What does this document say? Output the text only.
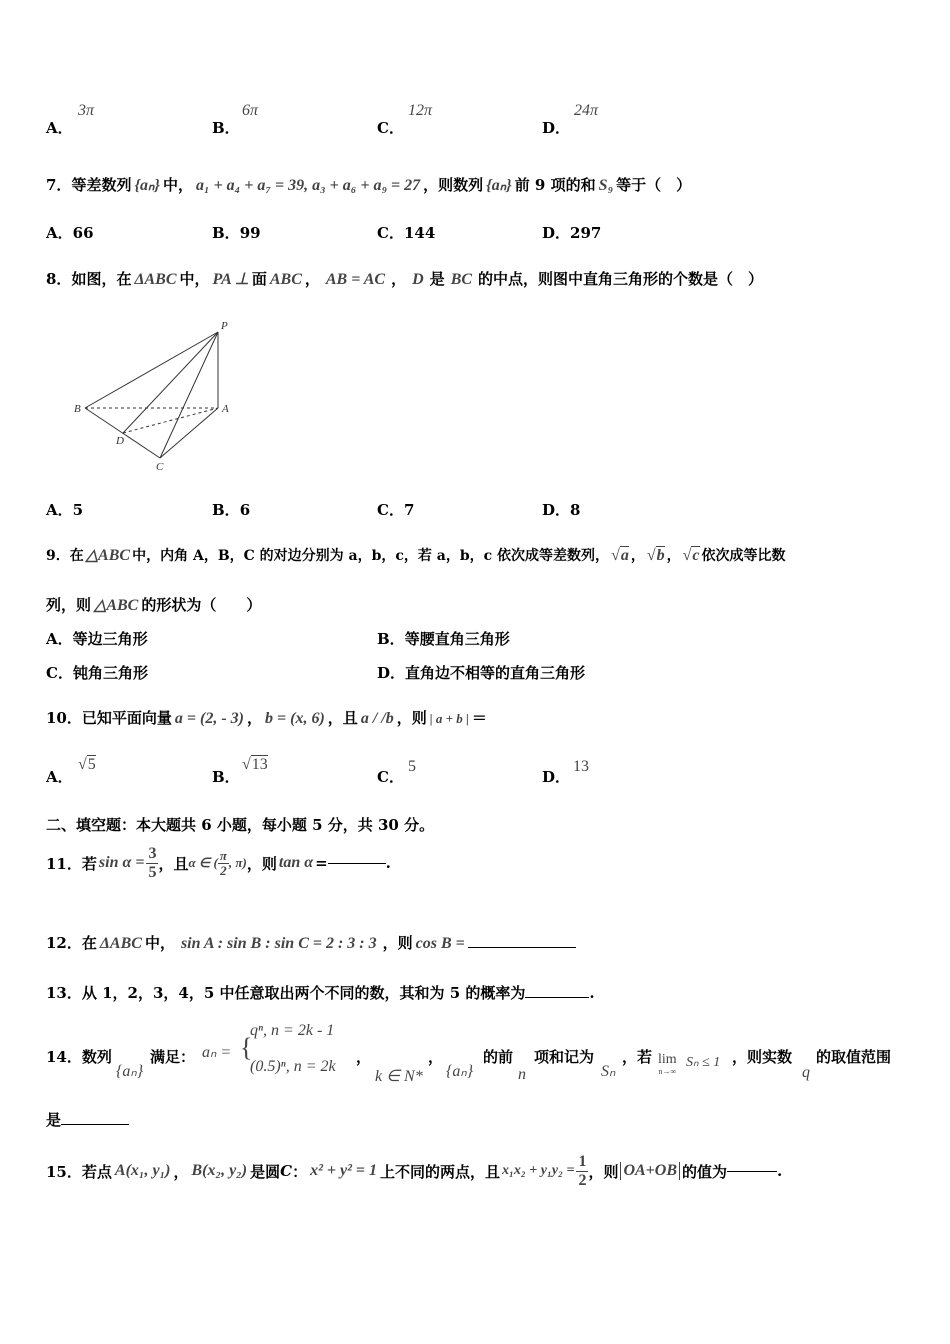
A．
3π
B．
6π
C．
12π
D．
24π
7．等差数列 {aₙ} 中， a₁ + a₄ + a₇ = 39, a₃ + a₆ + a₉ = 27 ，则数列 {aₙ} 前 9 项的和 S₉ 等于（　）
A．66	B．99	C．144	D．297
8．如图，在 ΔABC 中， PA ⊥ 面 ABC ， AB = AC ， D 是 BC 的中点，则图中直角三角形的个数是（　）
P
B	A
D
C
A．5	B．6	C．7	D．8
9．在 △ABC 中，内角 A，B，C 的对边分别为 a，b，c，若 a，b，c 依次成等差数列， √a ， √b ， √c 依次成等比数
列，则 △ABC 的形状为（　　）
A．等边三角形	B．等腰直角三角形
C．钝角三角形	D．直角边不相等的直角三角形
10．已知平面向量 a = (2, - 3) ， b = (x, 6) ，且 a / /b ，则 | a + b | ＝
A．
√5
B．
√13
C．
5
D．
13
二、填空题：本大题共 6 小题，每小题 5 分，共 30 分。
11． 若 $\sin \alpha = \frac{3}{5}$ ，且 α ∈ ( $\frac{\pi}{2}$ , π) ，则 tan α =	.
12．在 ΔABC 中， sin A : sin B : sin C = 2 : 3 : 3 ，则 cos B =
13．从 1，2，3，4，5 中任意取出两个不同的数，其和为 5 的概率为	.
14．数列
{aₙ}
满足： aₙ = {
qⁿ, n = 2k - 1
(0.5)ⁿ, n = 2k
，
k ∈ N*
，
{aₙ}
的前
n
项和记为
Sₙ
，若 lim
n→∞
Sₙ ≤ 1 ，则实数
q
的取值范围
是
15． 若点 A(x₁, y₁) ， B(x₂, y₂) 是圆 C ： x² + y² = 1 上不同的两点，且 $x_1x_2 + y_1y_2 = \frac{1}{2}$ ，则 OA+OB 的值为	.
